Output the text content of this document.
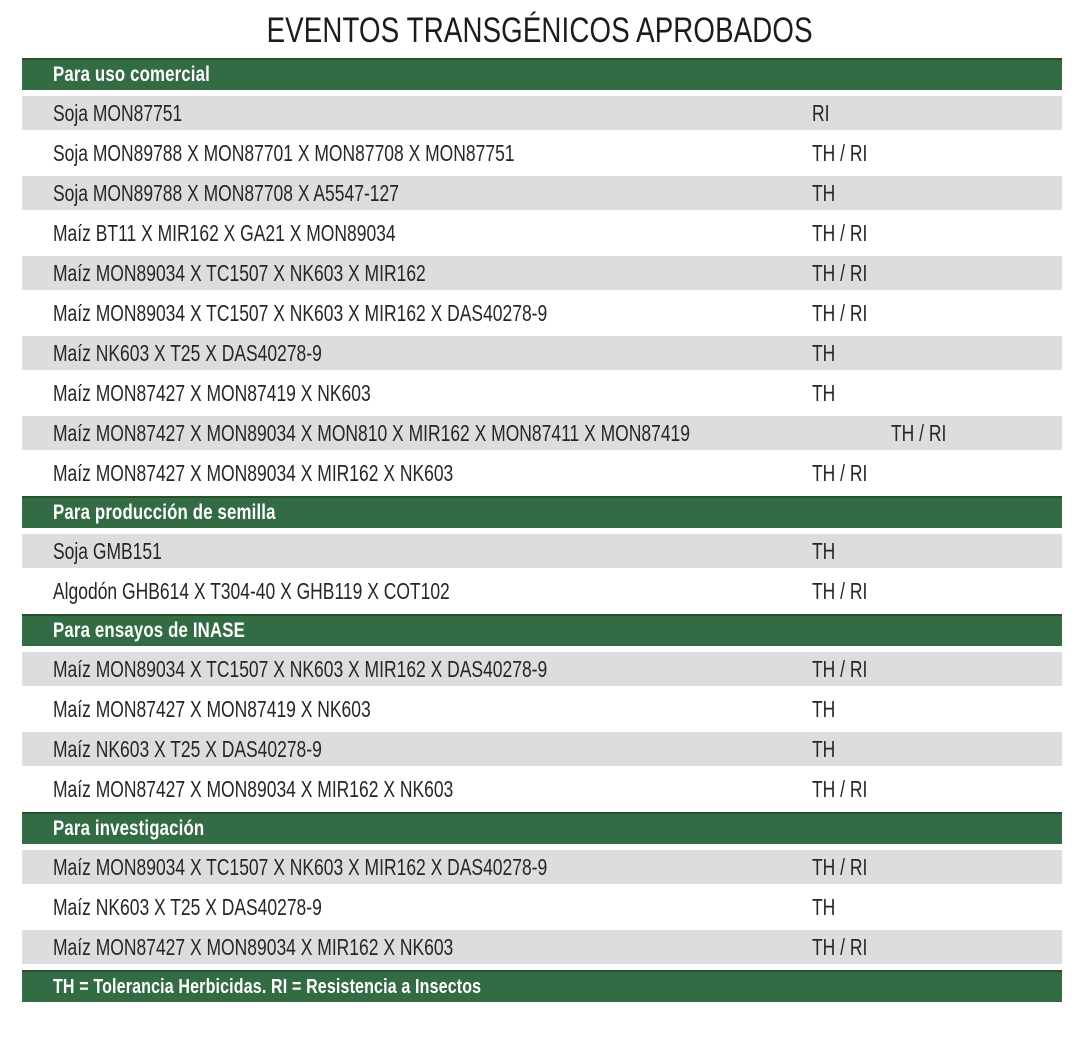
EVENTOS TRANSGÉNICOS APROBADOS
Para uso comercial
Soja MON87751	RI
Soja MON89788 X MON87701 X MON87708 X MON87751	TH / RI
Soja MON89788 X MON87708 X A5547-127	TH
Maíz BT11 X MIR162 X GA21 X MON89034	TH / RI
Maíz MON89034 X TC1507 X NK603 X MIR162	TH / RI
Maíz MON89034 X TC1507 X NK603 X MIR162 X DAS40278-9	TH / RI
Maíz NK603 X T25 X DAS40278-9	TH
Maíz MON87427 X MON87419 X NK603	TH
Maíz MON87427 X MON89034 X MON810 X MIR162 X MON87411 X MON87419	TH / RI
Maíz MON87427 X MON89034 X MIR162 X NK603	TH / RI
Para producción de semilla
Soja GMB151	TH
Algodón GHB614 X T304-40 X GHB119 X COT102	TH / RI
Para ensayos de INASE
Maíz MON89034 X TC1507 X NK603 X MIR162 X DAS40278-9	TH / RI
Maíz MON87427 X MON87419 X NK603	TH
Maíz NK603 X T25 X DAS40278-9	TH
Maíz MON87427 X MON89034 X MIR162 X NK603	TH / RI
Para investigación
Maíz MON89034 X TC1507 X NK603 X MIR162 X DAS40278-9	TH / RI
Maíz NK603 X T25 X DAS40278-9	TH
Maíz MON87427 X MON89034 X MIR162 X NK603	TH / RI
TH = Tolerancia Herbicidas. RI = Resistencia a Insectos
